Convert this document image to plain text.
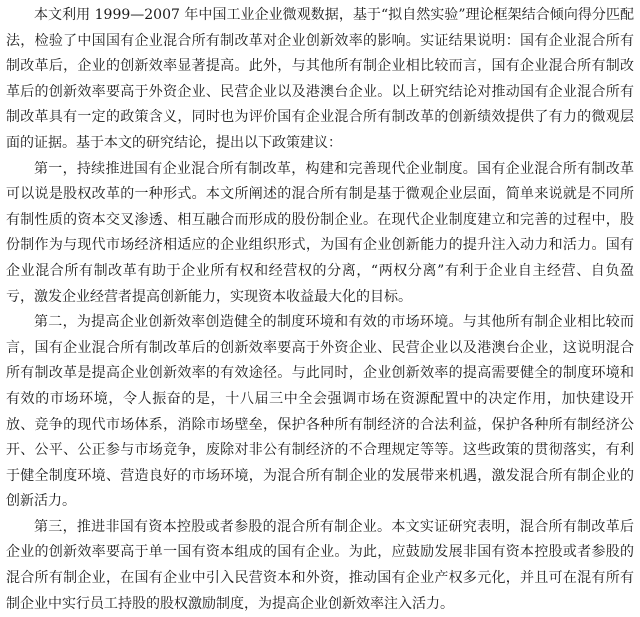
本文利用 1999—2007 年中国工业企业微观数据，基于“拟自然实验”理论框架结合倾向得分匹配法，检验了中国国有企业混合所有制改革对企业创新效率的影响。实证结果说明：国有企业混合所有制改革后，企业的创新效率显著提高。此外，与其他所有制企业相比较而言，国有企业混合所有制改革后的创新效率要高于外资企业、民营企业以及港澳台企业。以上研究结论对推动国有企业混合所有制改革具有一定的政策含义，同时也为评价国有企业混合所有制改革的创新绩效提供了有力的微观层面的证据。基于本文的研究结论，提出以下政策建议：

第一，持续推进国有企业混合所有制改革，构建和完善现代企业制度。国有企业混合所有制改革可以说是股权改革的一种形式。本文所阐述的混合所有制是基于微观企业层面，简单来说就是不同所有制性质的资本交叉渗透、相互融合而形成的股份制企业。在现代企业制度建立和完善的过程中，股份制作为与现代市场经济相适应的企业组织形式，为国有企业创新能力的提升注入动力和活力。国有企业混合所有制改革有助于企业所有权和经营权的分离，“两权分离”有利于企业自主经营、自负盈亏，激发企业经营者提高创新能力，实现资本收益最大化的目标。

第二，为提高企业创新效率创造健全的制度环境和有效的市场环境。与其他所有制企业相比较而言，国有企业混合所有制改革后的创新效率要高于外资企业、民营企业以及港澳台企业，这说明混合所有制改革是提高企业创新效率的有效途径。与此同时，企业创新效率的提高需要健全的制度环境和有效的市场环境，令人振奋的是，十八届三中全会强调市场在资源配置中的决定作用，加快建设开放、竞争的现代市场体系，消除市场壁垒，保护各种所有制经济的合法利益，保护各种所有制经济公开、公平、公正参与市场竞争，废除对非公有制经济的不合理规定等等。这些政策的贯彻落实，有利于健全制度环境、营造良好的市场环境，为混合所有制企业的发展带来机遇，激发混合所有制企业的创新活力。

第三，推进非国有资本控股或者参股的混合所有制企业。本文实证研究表明，混合所有制改革后企业的创新效率要高于单一国有资本组成的国有企业。为此，应鼓励发展非国有资本控股或者参股的混合所有制企业，在国有企业中引入民营资本和外资，推动国有企业产权多元化，并且可在混有所有制企业中实行员工持股的股权激励制度，为提高企业创新效率注入活力。
